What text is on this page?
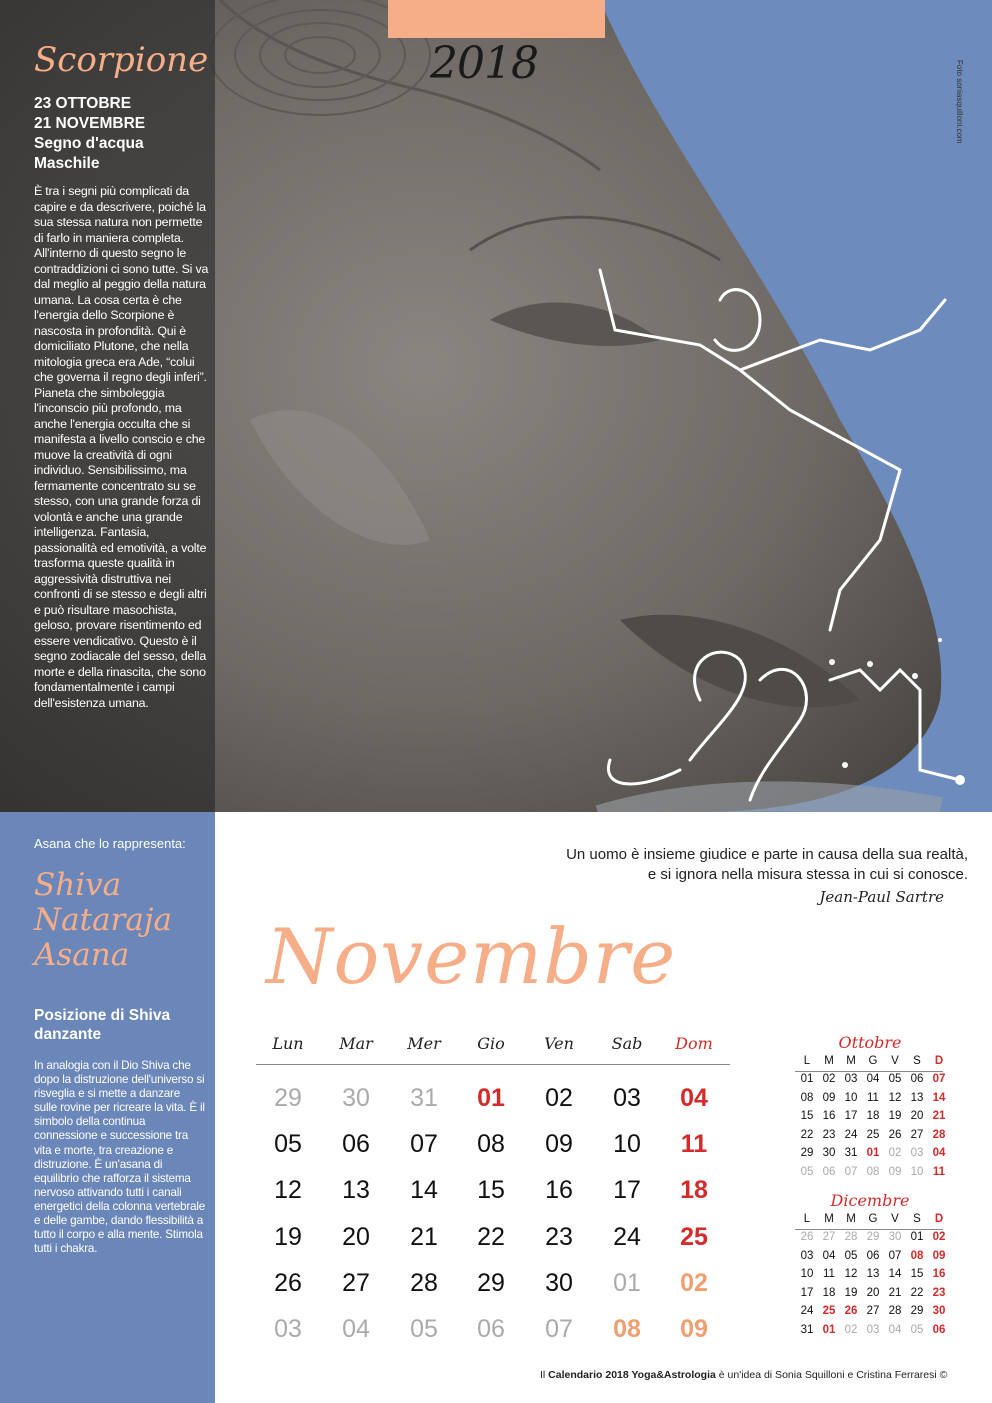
2018	Foto soniasquilloni.com
Scorpione
23 OTTOBRE
21 NOVEMBRE
Segno d'acqua
Maschile
È tra i segni più complicati da capire e da descrivere, poiché la sua stessa natura non permette di farlo in maniera completa. All'interno di questo segno le contraddizioni ci sono tutte. Si va dal meglio al peggio della natura umana. La cosa certa è che l'energia dello Scorpione è nascosta in profondità. Qui è domiciliato Plutone, che nella mitologia greca era Ade, “colui che governa il regno degli inferi”. Pianeta che simboleggia l'inconscio più profondo, ma anche l'energia occulta che si manifesta a livello conscio e che muove la creatività di ogni individuo. Sensibilissimo, ma fermamente concentrato su se stesso, con una grande forza di volontà e anche una grande intelligenza. Fantasia, passionalità ed emotività, a volte trasforma queste qualità in aggressività distruttiva nei confronti di se stesso e degli altri e può risultare masochista, geloso, provare risentimento ed essere vendicativo. Questo è il segno zodiacale del sesso, della morte e della rinascita, che sono fondamentalmente i campi dell'esistenza umana.
Asana che lo rappresenta:
Shiva
Nataraja
Asana
Posizione di Shiva danzante
In analogia con il Dio Shiva che dopo la distruzione dell'universo si risveglia e si mette a danzare sulle rovine per ricreare la vita. È il simbolo della continua connessione e successione tra vita e morte, tra creazione e distruzione. È un'asana di equilibrio che rafforza il sistema nervoso attivando tutti i canali energetici della colonna vertebrale e delle gambe, dando flessibilità a tutto il corpo e alla mente. Stimola tutti i chakra.
Un uomo è insieme giudice e parte in causa della sua realtà,
e si ignora nella misura stessa in cui si conosce.
Jean-Paul Sartre
Novembre
Lun	Mar	Mer	Gio	Ven	Sab	Dom
29	30	31	01	02	03	04
05	06	07	08	09	10	11
12	13	14	15	16	17	18
19	20	21	22	23	24	25
26	27	28	29	30	01	02
03	04	05	06	07	08	09
Ottobre
L	M	M	G	V	S	D
01 02 03 04 05 06 07
08 09 10 11 12 13 14
15 16 17 18 19 20 21
22 23 24 25 26 27 28
29 30 31 01 02 03 04
05 06 07 08 09 10 11
Dicembre
L	M	M	G	V	S	D
26 27 28 29 30 01 02
03 04 05 06 07 08 09
10 11 12 13 14 15 16
17 18 19 20 21 22 23
24 25 26 27 28 29 30
31 01 02 03 04 05 06
Il Calendario 2018 Yoga&Astrologia è un'idea di Sonia Squilloni e Cristina Ferraresi ©
